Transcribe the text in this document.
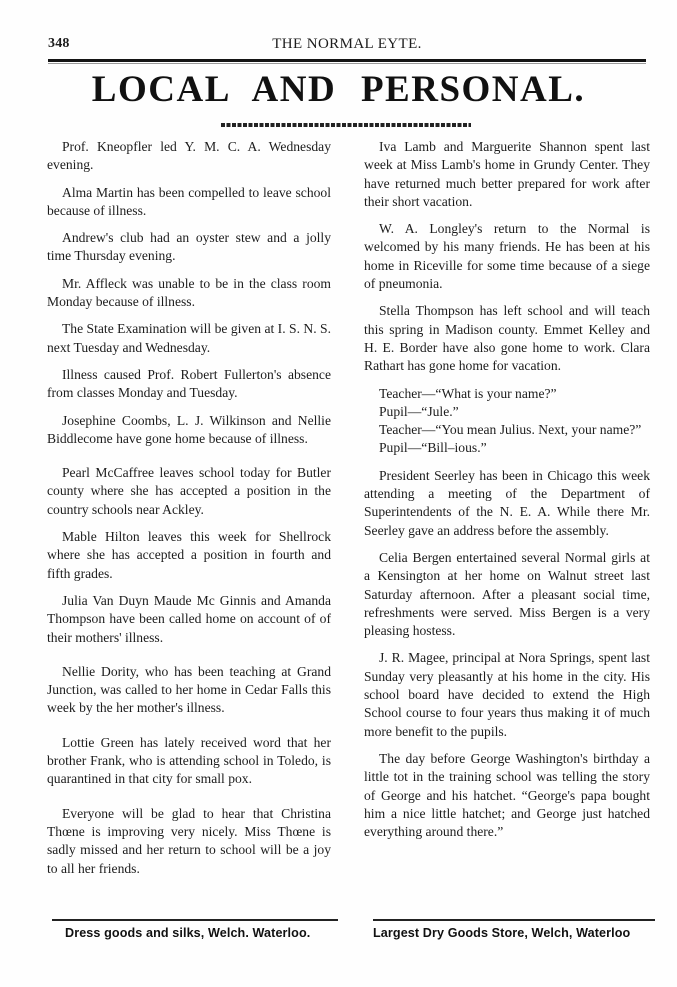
348	THE NORMAL EYTE.
LOCAL AND PERSONAL.

Prof. Kneopfler led Y. M. C. A. Wednesday evening.

Alma Martin has been compelled to leave school because of illness.

Andrew's club had an oyster stew and a jolly time Thursday evening.

Mr. Affleck was unable to be in the class room Monday because of illness.

The State Examination will be given at I. S. N. S. next Tuesday and Wednesday.

Illness caused Prof. Robert Fullerton's absence from classes Monday and Tuesday.

Josephine Coombs, L. J. Wilkinson and Nellie Biddlecome have gone home because of illness.

Pearl McCaffree leaves school today for Butler county where she has accepted a position in the country schools near Ackley.

Mable Hilton leaves this week for Shellrock where she has accepted a position in fourth and fifth grades.

Julia Van Duyn Maude Mc Ginnis and Amanda Thompson have been called home on account of of their mothers' illness.

Nellie Dority, who has been teaching at Grand Junction, was called to her home in Cedar Falls this week by the her mother's illness.

Lottie Green has lately received word that her brother Frank, who is attending school in Toledo, is quarantined in that city for small pox.

Everyone will be glad to hear that Christina Thœne is improving very nicely. Miss Thœne is sadly missed and her return to school will be a joy to all her friends.

Iva Lamb and Marguerite Shannon spent last week at Miss Lamb's home in Grundy Center. They have returned much better prepared for work after their short vacation.

W. A. Longley's return to the Normal is welcomed by his many friends. He has been at his home in Riceville for some time because of a siege of pneumonia.

Stella Thompson has left school and will teach this spring in Madison county. Emmet Kelley and H. E. Border have also gone home to work. Clara Rathart has gone home for vacation.

Teacher—“What is your name?”

Pupil—“Jule.”

Teacher—“You mean Julius. Next, your name?”

Pupil—“Bill–ious.”

President Seerley has been in Chicago this week attending a meeting of the Department of Superintendents of the N. E. A. While there Mr. Seerley gave an address before the assembly.

Celia Bergen entertained several Normal girls at a Kensington at her home on Walnut street last Saturday afternoon. After a pleasant social time, refreshments were served. Miss Bergen is a very pleasing hostess.

J. R. Magee, principal at Nora Springs, spent last Sunday very pleasantly at his home in the city. His school board have decided to extend the High School course to four years thus making it of much more benefit to the pupils.

The day before George Washington's birthday a little tot in the training school was telling the story of George and his hatchet. “George's papa bought him a nice little hatchet; and George just hatched everything around there.”

Dress goods and silks, Welch. Waterloo.	Largest Dry Goods Store, Welch, Waterloo
